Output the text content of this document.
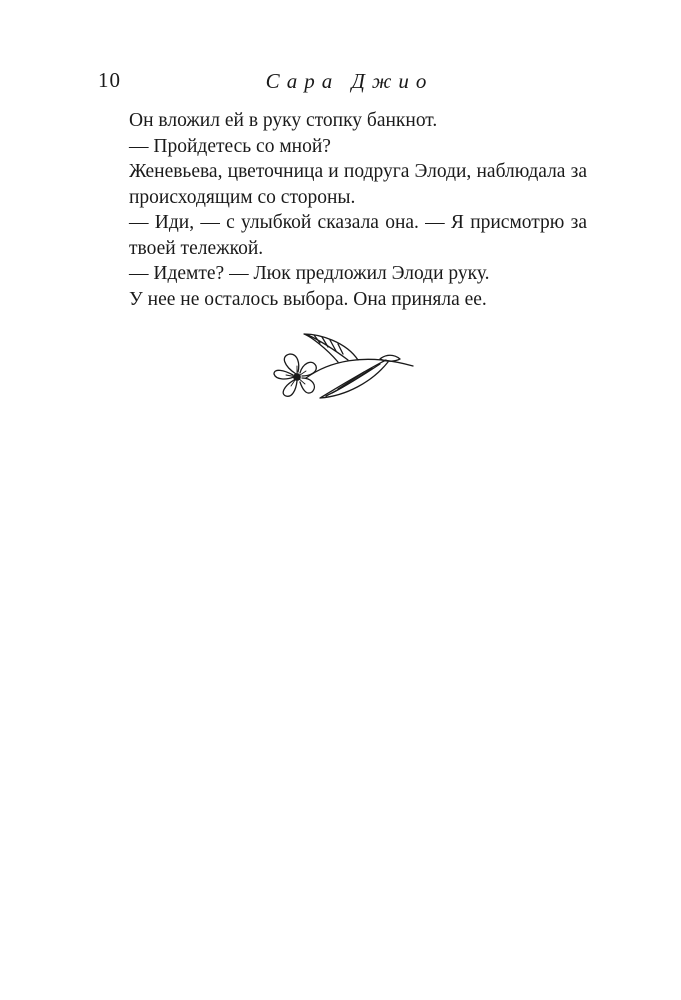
10	Сара Джио

Он вложил ей в руку стопку банкнот.

— Пройдетесь со мной?

Женевьева, цветочница и подруга Элоди, наблюдала за происходящим со стороны.

— Иди, — с улыбкой сказала она. — Я присмотрю за твоей тележкой.

— Идемте? — Люк предложил Элоди руку.

У нее не осталось выбора. Она приняла ее.
